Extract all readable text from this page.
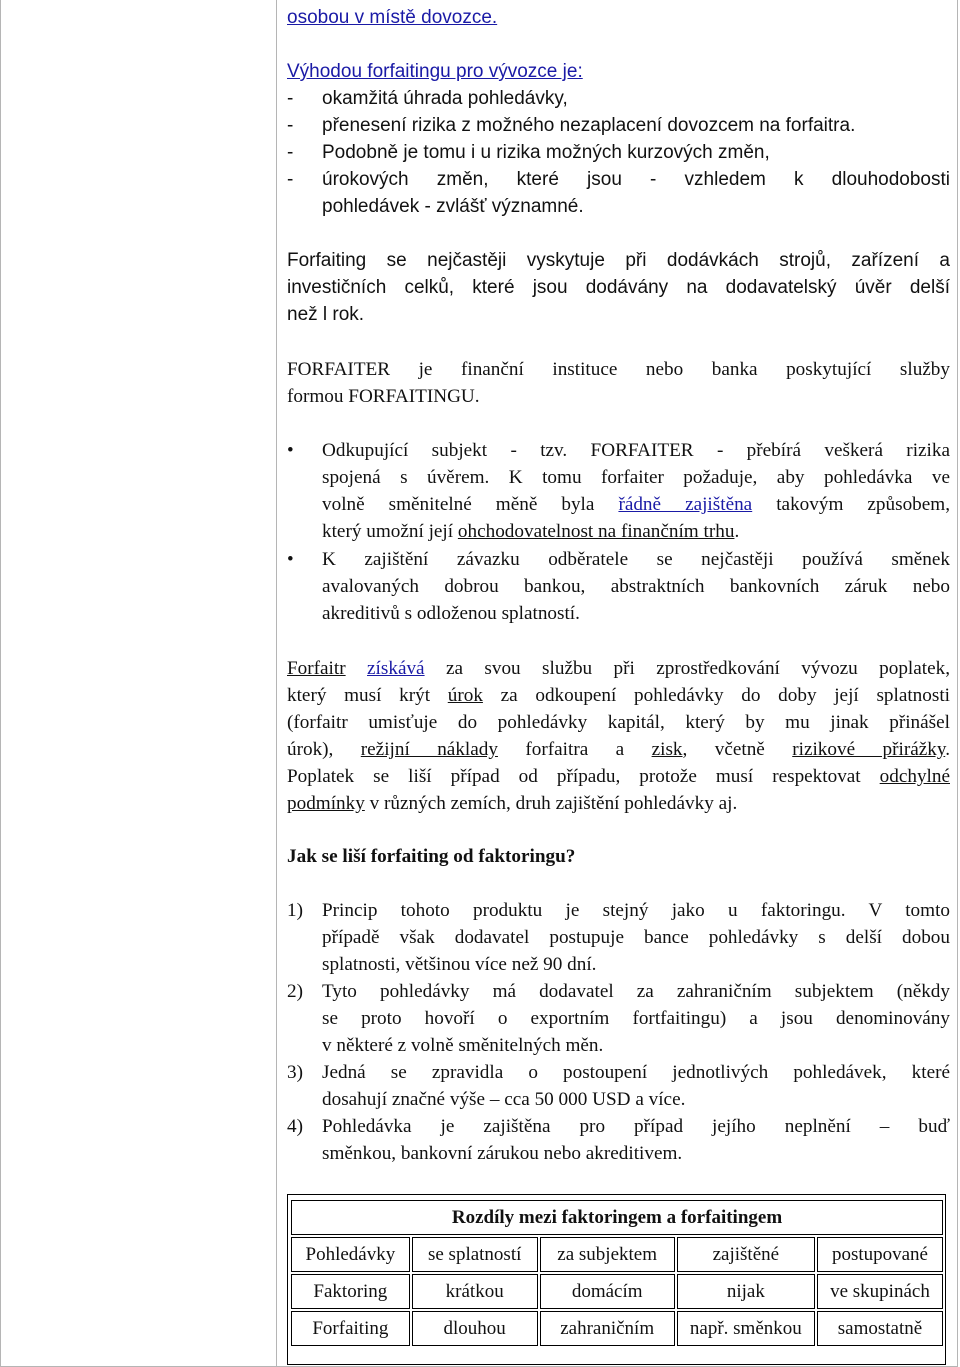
osobou v místě dovozce.
Výhodou forfaitingu pro vývozce je:
- okamžitá úhrada pohledávky,
- přenesení rizika z možného nezaplacení dovozcem na forfaitra.
- Podobně je tomu i u rizika možných kurzových změn,
- úrokových změn, které jsou - vzhledem k dlouhodobosti
pohledávek - zvlášť významné.
Forfaiting se nejčastěji vyskytuje při dodávkách strojů, zařízení a
investičních celků, které jsou dodávány na dodavatelský úvěr delší
než l rok.
FORFAITER je finanční instituce nebo banka poskytující služby
formou FORFAITINGU.
• Odkupující subjekt - tzv. FORFAITER - přebírá veškerá rizika
spojená s úvěrem. K tomu forfaiter požaduje, aby pohledávka ve
volně směnitelné měně byla řádně zajištěna takovým způsobem,
který umožní její ohchodovatelnost na finančním trhu.
• K zajištění závazku odběratele se nejčastěji používá směnek
avalovaných dobrou bankou, abstraktních bankovních záruk nebo
akreditivů s odloženou splatností.
Forfaitr získává za svou službu při zprostředkování vývozu poplatek,
který musí krýt úrok za odkoupení pohledávky do doby její splatnosti
(forfaitr umisťuje do pohledávky kapitál, který by mu jinak přinášel
úrok), režijní náklady forfaitra a zisk, včetně rizikové přirážky.
Poplatek se liší případ od případu, protože musí respektovat odchylné
podmínky v různých zemích, druh zajištění pohledávky aj.
Jak se liší forfaiting od faktoringu?
1) Princip tohoto produktu je stejný jako u faktoringu. V tomto
případě však dodavatel postupuje bance pohledávky s delší dobou
splatnosti, většinou více než 90 dní.
2) Tyto pohledávky má dodavatel za zahraničním subjektem (někdy
se proto hovoří o exportním fortfaitingu) a jsou denominovány
v některé z volně směnitelných měn.
3) Jedná se zpravidla o postoupení jednotlivých pohledávek, které
dosahují značné výše – cca 50 000 USD a více.
4) Pohledávka je zajištěna pro případ jejího neplnění – buď
směnkou, bankovní zárukou nebo akreditivem.
Rozdíly mezi faktoringem a forfaitingem				
Pohledávky	se splatností	za subjektem	zajištěné	postupované
Faktoring	krátkou	domácím	nijak	ve skupinách
Forfaiting	dlouhou	zahraničním	např. směnkou	samostatně
